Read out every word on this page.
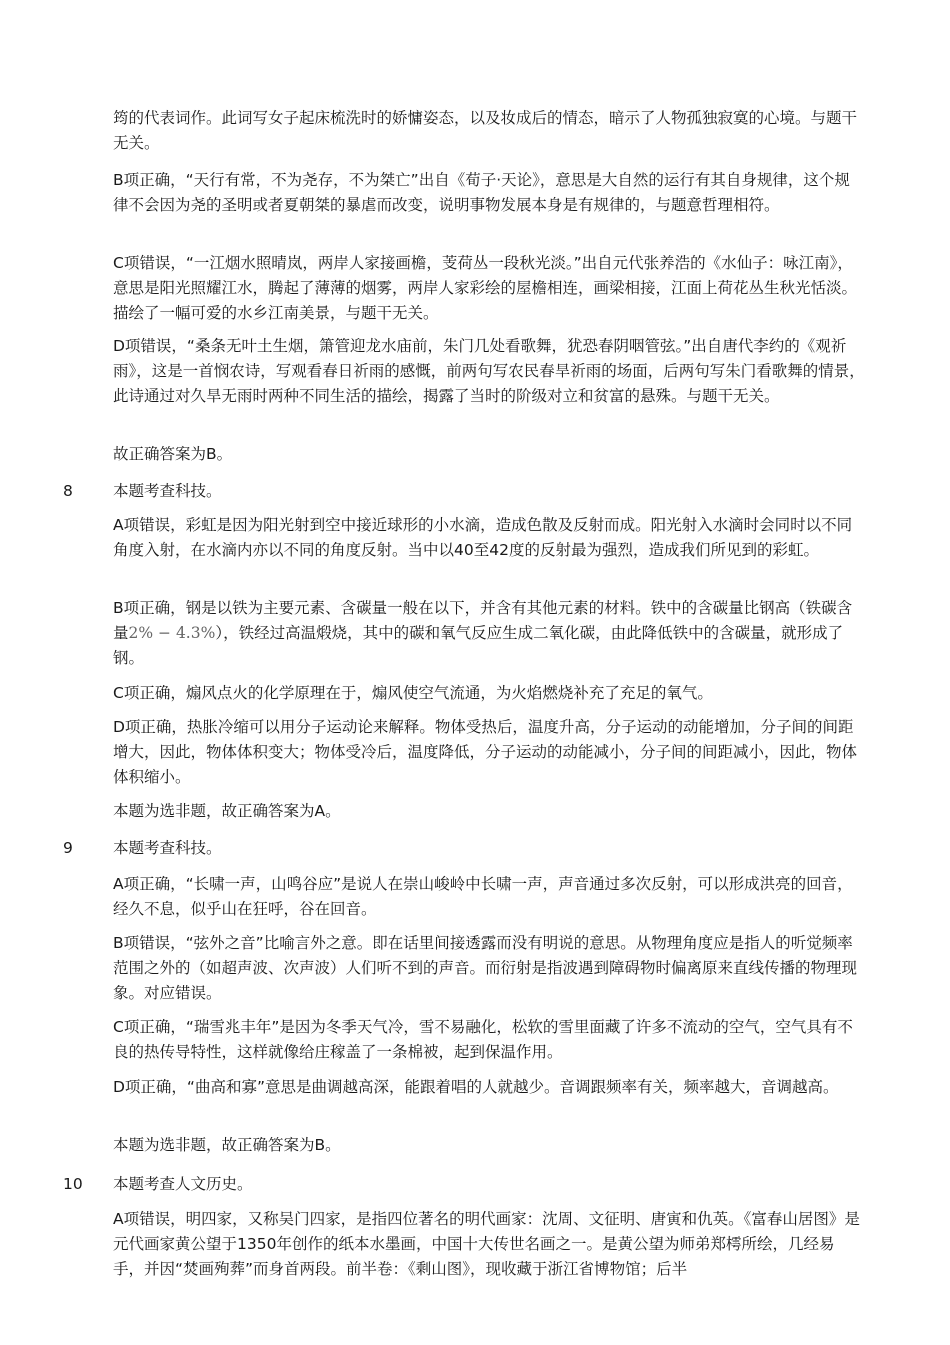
筠的代表词作。此词写女子起床梳洗时的娇慵姿态，以及妆成后的情态，暗示了人物孤独寂寞的心境。与题干无关。

B项正确，“天行有常，不为尧存，不为桀亡”出自《荀子·天论》，意思是大自然的运行有其自身规律，这个规律不会因为尧的圣明或者夏朝桀的暴虐而改变，说明事物发展本身是有规律的，与题意哲理相符。

C项错误，“一江烟水照晴岚，两岸人家接画檐，芰荷丛一段秋光淡。”出自元代张养浩的《水仙子：咏江南》，意思是阳光照耀江水，腾起了薄薄的烟雾，两岸人家彩绘的屋檐相连，画梁相接，江面上荷花丛生秋光恬淡。描绘了一幅可爱的水乡江南美景，与题干无关。

D项错误，“桑条无叶土生烟，箫管迎龙水庙前，朱门几处看歌舞，犹恐春阴咽管弦。”出自唐代李约的《观祈雨》，这是一首悯农诗，写观看春日祈雨的感慨，前两句写农民春旱祈雨的场面，后两句写朱门看歌舞的情景，此诗通过对久旱无雨时两种不同生活的描绘，揭露了当时的阶级对立和贫富的悬殊。与题干无关。

故正确答案为B。

8	本题考查科技。

A项错误，彩虹是因为阳光射到空中接近球形的小水滴，造成色散及反射而成。阳光射入水滴时会同时以不同角度入射，在水滴内亦以不同的角度反射。当中以40至42度的反射最为强烈，造成我们所见到的彩虹。

B项正确，钢是以铁为主要元素、含碳量一般在以下，并含有其他元素的材料。铁中的含碳量比钢高（铁碳含量2% − 4.3%），铁经过高温煅烧，其中的碳和氧气反应生成二氧化碳，由此降低铁中的含碳量，就形成了钢。

C项正确，煽风点火的化学原理在于，煽风使空气流通，为火焰燃烧补充了充足的氧气。

D项正确，热胀冷缩可以用分子运动论来解释。物体受热后，温度升高，分子运动的动能增加，分子间的间距增大，因此，物体体积变大；物体受冷后，温度降低，分子运动的动能减小，分子间的间距减小，因此，物体体积缩小。

本题为选非题，故正确答案为A。

9	本题考查科技。

A项正确，“长啸一声，山鸣谷应”是说人在崇山峻岭中长啸一声，声音通过多次反射，可以形成洪亮的回音，经久不息，似乎山在狂呼，谷在回音。

B项错误，“弦外之音”比喻言外之意。即在话里间接透露而没有明说的意思。从物理角度应是指人的听觉频率范围之外的（如超声波、次声波）人们听不到的声音。而衍射是指波遇到障碍物时偏离原来直线传播的物理现象。对应错误。

C项正确，“瑞雪兆丰年”是因为冬季天气冷，雪不易融化，松软的雪里面藏了许多不流动的空气，空气具有不良的热传导特性，这样就像给庄稼盖了一条棉被，起到保温作用。

D项正确，“曲高和寡”意思是曲调越高深，能跟着唱的人就越少。音调跟频率有关，频率越大，音调越高。

本题为选非题，故正确答案为B。

10 本题考查人文历史。

A项错误，明四家，又称吴门四家，是指四位著名的明代画家：沈周、文征明、唐寅和仇英。《富春山居图》是元代画家黄公望于1350年创作的纸本水墨画，中国十大传世名画之一。是黄公望为师弟郑樗所绘，几经易手，并因“焚画殉葬”而身首两段。前半卷：《剩山图》，现收藏于浙江省博物馆；后半
